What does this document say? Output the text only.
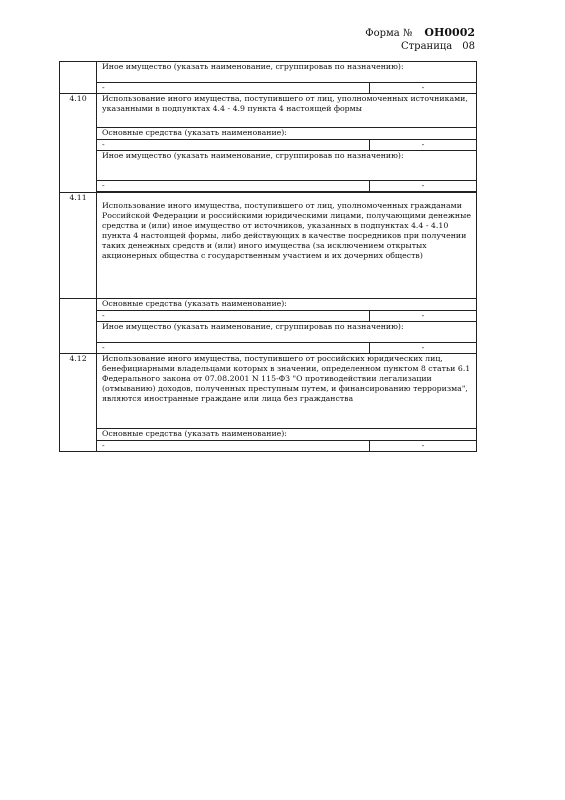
Форма № ОН0002
Страница 08
	Иное имущество (указать наименование, сгруппировав по назначению):	
	-	-
4.10	Использование иного имущества, поступившего от лиц, уполномоченных источниками, указанными в подпунктах 4.4 - 4.9 пункта 4 настоящей формы	
	Основные средства (указать наименование):	
	-	-
	Иное имущество (указать наименование, сгруппировав по назначению):	
	-	-

4.11	Использование иного имущества, поступившего от лиц, уполномоченных гражданами Российской Федерации и российскими юридическими лицами, получающими денежные средства и (или) иное имущество от источников, указанных в подпунктах 4.4 - 4.10 пункта 4 настоящей формы, либо действующих в качестве посредников при получении таких денежных средств и (или) иного имущества (за исключением открытых акционерных общества с государственным участием и их дочерних обществ)	
	Основные средства (указать наименование):	
	-	-
	Иное имущество (указать наименование, сгруппировав по назначению):	
	-	-
4.12	Использование иного имущества, поступившего от российских юридических лиц, бенефициарными владельцами которых в значении, определенном пунктом 8 статьи 6.1 Федерального закона от 07.08.2001 N 115-ФЗ "О противодействии легализации (отмыванию) доходов, полученных преступным путем, и финансированию терроризма", являются иностранные граждане или лица без гражданства	
	Основные средства (указать наименование):	
	-	-
